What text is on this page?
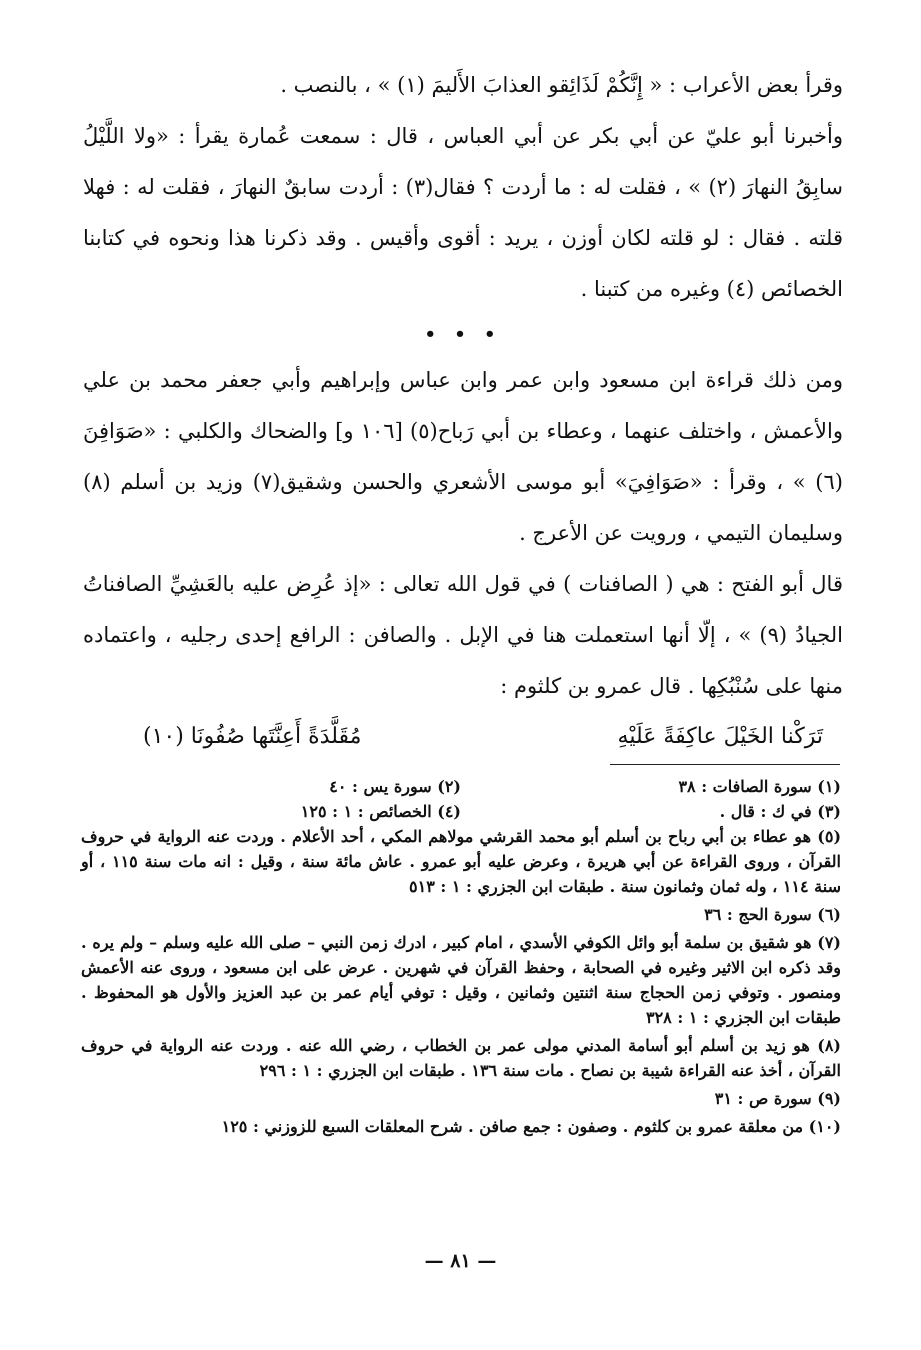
وقرأ بعض الأعراب : « إِنَّكُمْ لَذَائِقو العذابَ الأَليمَ (١) » ، بالنصب .

وأخبرنا أبو عليّ عن أبي بكر عن أبي العباس ، قال : سمعت عُمارة يقرأ : «ولا اللَّيْلُ سابِقُ النهارَ (٢) » ، فقلت له : ما أردت ؟ فقال(٣) : أردت سابقٌ النهارَ ، فقلت له : فهلا قلته . فقال : لو قلته لكان أوزن ، يريد : أقوى وأقيس . وقد ذكرنا هذا ونحوه في كتابنا الخصائص (٤) وغيره من كتبنا .

• • •

ومن ذلك قراءة ابن مسعود وابن عمر وابن عباس وإبراهيم وأبي جعفر محمد بن علي والأعمش ، واختلف عنهما ، وعطاء بن أبي رَباح(٥) [١٠٦ و] والضحاك والكلبي : «صَوَافِنَ (٦) » ، وقرأ : «صَوَافِيَ» أبو موسى الأشعري والحسن وشقيق(٧) وزيد بن أسلم (٨) وسليمان التيمي ، ورويت عن الأعرج .

قال أبو الفتح : هي ( الصافنات ) في قول الله تعالى : «إذ عُرِض عليه بالعَشِيِّ الصافناتُ الجيادُ (٩) » ، إلّا أنها استعملت هنا في الإبل . والصافن : الرافع إحدى رجليه ، واعتماده منها على سُنْبُكِها . قال عمرو بن كلثوم :

تَرَكْنا الخَيْلَ عاكِفَةً عَلَيْهِ
مُقَلَّدَةً أَعِنَّتَها صُفُونَا (١٠)
(١) سورة الصافات : ٣٨
(٢) سورة يس : ٤٠
(٣) في ك : قال .
(٤) الخصائص : ١ : ١٢٥

(٥) هو عطاء بن أبي رباح بن أسلم أبو محمد القرشي مولاهم المكي ، أحد الأعلام . وردت عنه الرواية في حروف القرآن ، وروى القراءة عن أبي هريرة ، وعرض عليه أبو عمرو . عاش مائة سنة ، وقيل : انه مات سنة ١١٥ ، أو سنة ١١٤ ، وله ثمان وثمانون سنة . طبقات ابن الجزري : ١ : ٥١٣

(٦) سورة الحج : ٣٦

(٧) هو شقيق بن سلمة أبو وائل الكوفي الأسدي ، امام كبير ، ادرك زمن النبي – صلى الله عليه وسلم – ولم يره . وقد ذكره ابن الاثير وغيره في الصحابة ، وحفظ القرآن في شهرين . عرض على ابن مسعود ، وروى عنه الأعمش ومنصور . وتوفي زمن الحجاج سنة اثنتين وثمانين ، وقيل : توفي أيام عمر بن عبد العزيز والأول هو المحفوظ . طبقات ابن الجزري : ١ : ٣٢٨

(٨) هو زيد بن أسلم أبو أسامة المدني مولى عمر بن الخطاب ، رضي الله عنه . وردت عنه الرواية في حروف القرآن ، أخذ عنه القراءة شيبة بن نصاح . مات سنة ١٣٦ . طبقات ابن الجزري : ١ : ٢٩٦

(٩) سورة ص : ٣١

(١٠) من معلقة عمرو بن كلثوم . وصفون : جمع صافن . شرح المعلقات السبع للزوزني : ١٢٥

— ٨١ —
